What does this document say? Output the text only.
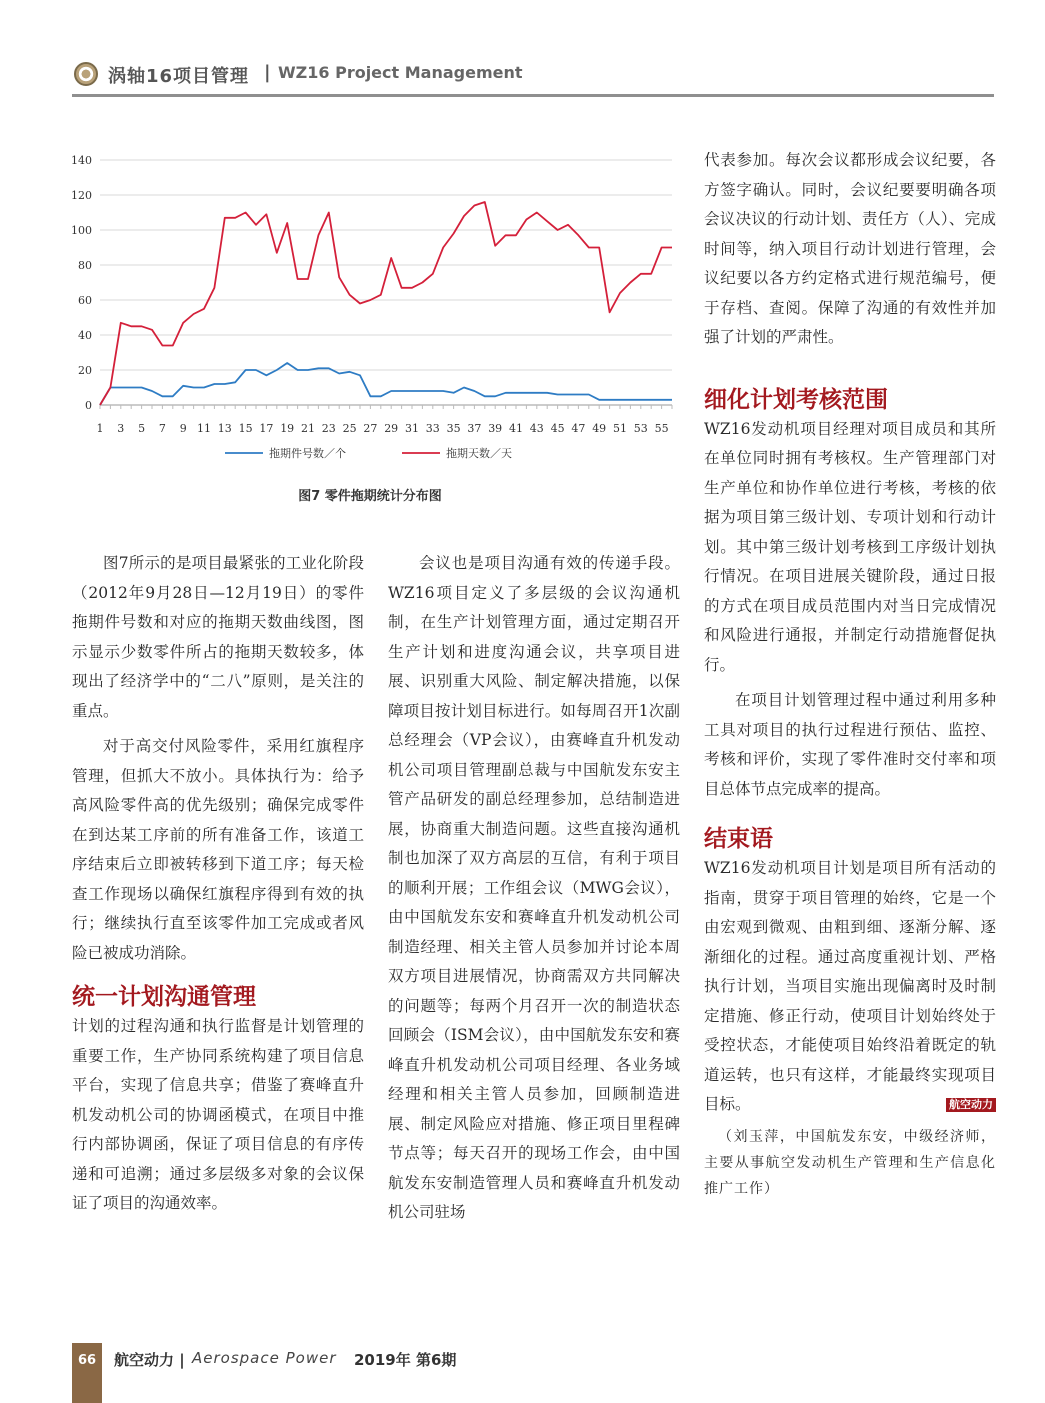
涡轴16项目管理 | WZ16 Project Management
0
20
40
60
80
100
120
140
1 3 5 7 9 11 13 15 17 19 21 23 25 27 29 31 33 35 37 39 41 43 45 47 49 51 53 55
拖期件号数／个	拖期天数／天
图7 零件拖期统计分布图

图7所示的是项目最紧张的工业化阶段（2012年9月28日—12月19日）的零件拖期件号数和对应的拖期天数曲线图，图示显示少数零件所占的拖期天数较多，体现出了经济学中的“二八”原则，是关注的重点。

对于高交付风险零件，采用红旗程序管理，但抓大不放小。具体执行为：给予高风险零件高的优先级别；确保完成零件在到达某工序前的所有准备工作，该道工序结束后立即被转移到下道工序；每天检查工作现场以确保红旗程序得到有效的执行；继续执行直至该零件加工完成或者风险已被成功消除。

统一计划沟通管理

计划的过程沟通和执行监督是计划管理的重要工作，生产协同系统构建了项目信息平台，实现了信息共享；借鉴了赛峰直升机发动机公司的协调函模式，在项目中推行内部协调函，保证了项目信息的有序传递和可追溯；通过多层级多对象的会议保证了项目的沟通效率。

会议也是项目沟通有效的传递手段。WZ16项目定义了多层级的会议沟通机制，在生产计划管理方面，通过定期召开生产计划和进度沟通会议，共享项目进展、识别重大风险、制定解决措施，以保障项目按计划目标进行。如每周召开1次副总经理会（VP会议），由赛峰直升机发动机公司项目管理副总裁与中国航发东安主管产品研发的副总经理参加，总结制造进展，协商重大制造问题。这些直接沟通机制也加深了双方高层的互信，有利于项目的顺利开展；工作组会议（MWG会议），由中国航发东安和赛峰直升机发动机公司制造经理、相关主管人员参加并讨论本周双方项目进展情况，协商需双方共同解决的问题等；每两个月召开一次的制造状态回顾会（ISM会议），由中国航发东安和赛峰直升机发动机公司项目经理、各业务域经理和相关主管人员参加，回顾制造进展、制定风险应对措施、修正项目里程碑节点等；每天召开的现场工作会，由中国航发东安制造管理人员和赛峰直升机发动机公司驻场

代表参加。每次会议都形成会议纪要，各方签字确认。同时，会议纪要要明确各项会议决议的行动计划、责任方（人）、完成时间等，纳入项目行动计划进行管理，会议纪要以各方约定格式进行规范编号，便于存档、查阅。保障了沟通的有效性并加强了计划的严肃性。

细化计划考核范围

WZ16发动机项目经理对项目成员和其所在单位同时拥有考核权。生产管理部门对生产单位和协作单位进行考核，考核的依据为项目第三级计划、专项计划和行动计划。其中第三级计划考核到工序级计划执行情况。在项目进展关键阶段，通过日报的方式在项目成员范围内对当日完成情况和风险进行通报，并制定行动措施督促执行。

在项目计划管理过程中通过利用多种工具对项目的执行过程进行预估、监控、考核和评价，实现了零件准时交付率和项目总体节点完成率的提高。

结束语

WZ16发动机项目计划是项目所有活动的指南，贯穿于项目管理的始终，它是一个由宏观到微观、由粗到细、逐渐分解、逐渐细化的过程。通过高度重视计划、严格执行计划，当项目实施出现偏离时及时制定措施、修正行动，使项目计划始终处于受控状态，才能使项目始终沿着既定的轨道运转，也只有这样，才能最终实现项目目标。	航空动力

（刘玉萍，中国航发东安，中级经济师，主要从事航空发动机生产管理和生产信息化推广工作）

66	航空动力 | Aerospace Power 2019年 第6期
